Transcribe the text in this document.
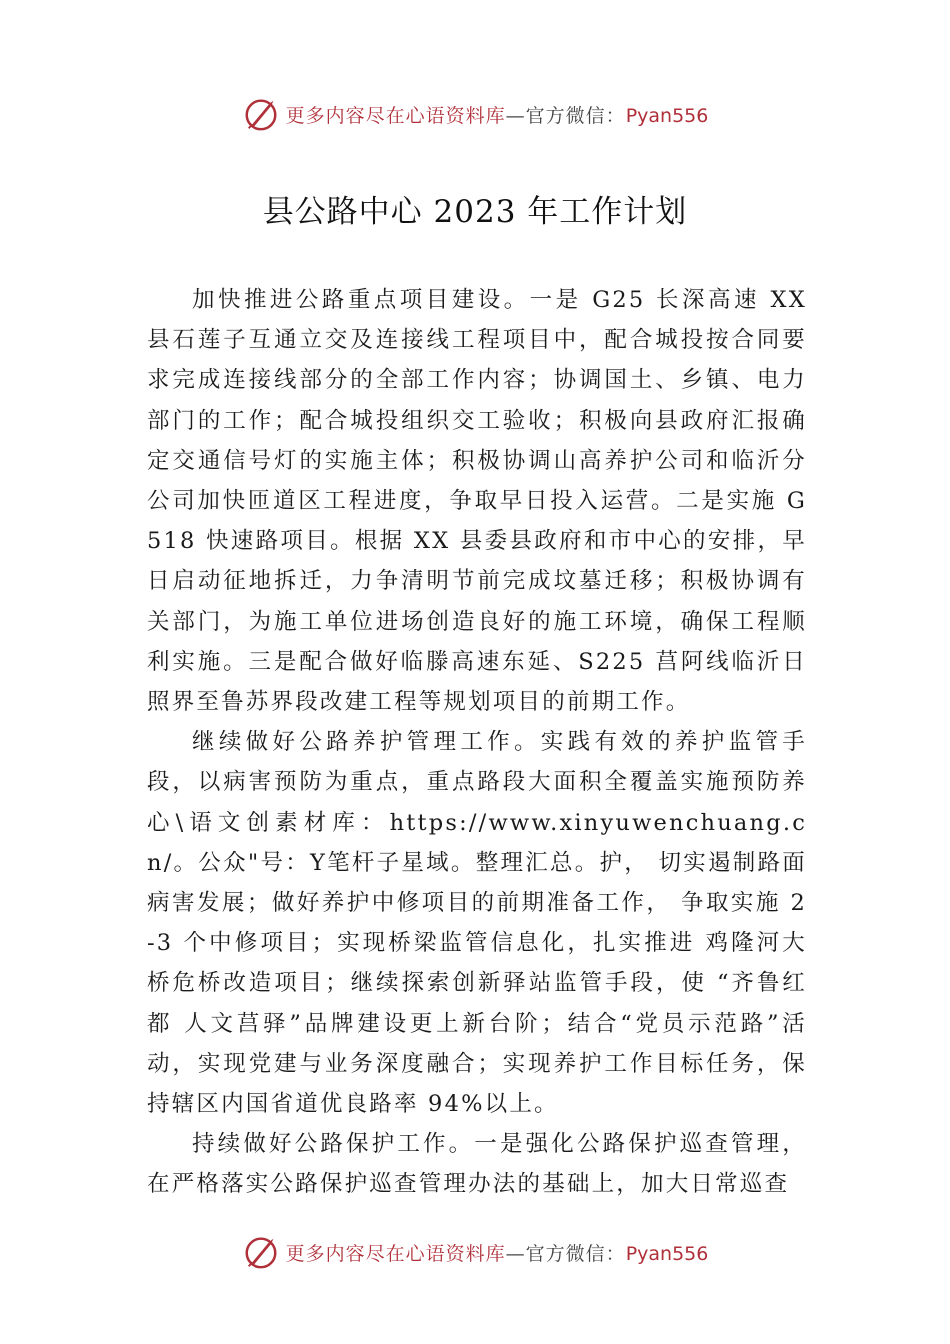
更多内容尽在心语资料库—官方微信：Pyan556
县公路中心 2023 年工作计划

加快推进公路重点项目建设。一是 G25 长深高速 XX 县石莲子互通立交及连接线工程项目中，配合城投按合同要求完成连接线部分的全部工作内容；协调国土、乡镇、电力部门的工作；配合城投组织交工验收；积极向县政府汇报确定交通信号灯的实施主体；积极协调山高养护公司和临沂分公司加快匝道区工程进度，争取早日投入运营。二是实施 G518 快速路项目。根据 XX 县委县政府和市中心的安排，早日启动征地拆迁，力争清明节前完成坟墓迁移；积极协调有关部门，为施工单位进场创造良好的施工环境，确保工程顺利实施。三是配合做好临滕高速东延、S225 莒阿线临沂日照界至鲁苏界段改建工程等规划项目的前期工作。

继续做好公路养护管理工作。实践有效的养护监管手段，以病害预防为重点，重点路段大面积全覆盖实施预防养心\语文创素材库：https://www.xinyuwenchuang.cn/。公众"号：Y笔杆子星域。整理汇总。护， 切实遏制路面病害发展；做好养护中修项目的前期准备工作， 争取实施 2-3 个中修项目；实现桥梁监管信息化，扎实推进 鸡隆河大桥危桥改造项目；继续探索创新驿站监管手段，使 “齐鲁红都 人文莒驿”品牌建设更上新台阶；结合“党员示范路”活动，实现党建与业务深度融合；实现养护工作目标任务，保持辖区内国省道优良路率 94%以上。

持续做好公路保护工作。一是强化公路保护巡查管理，在严格落实公路保护巡查管理办法的基础上，加大日常巡查

更多内容尽在心语资料库—官方微信：Pyan556
